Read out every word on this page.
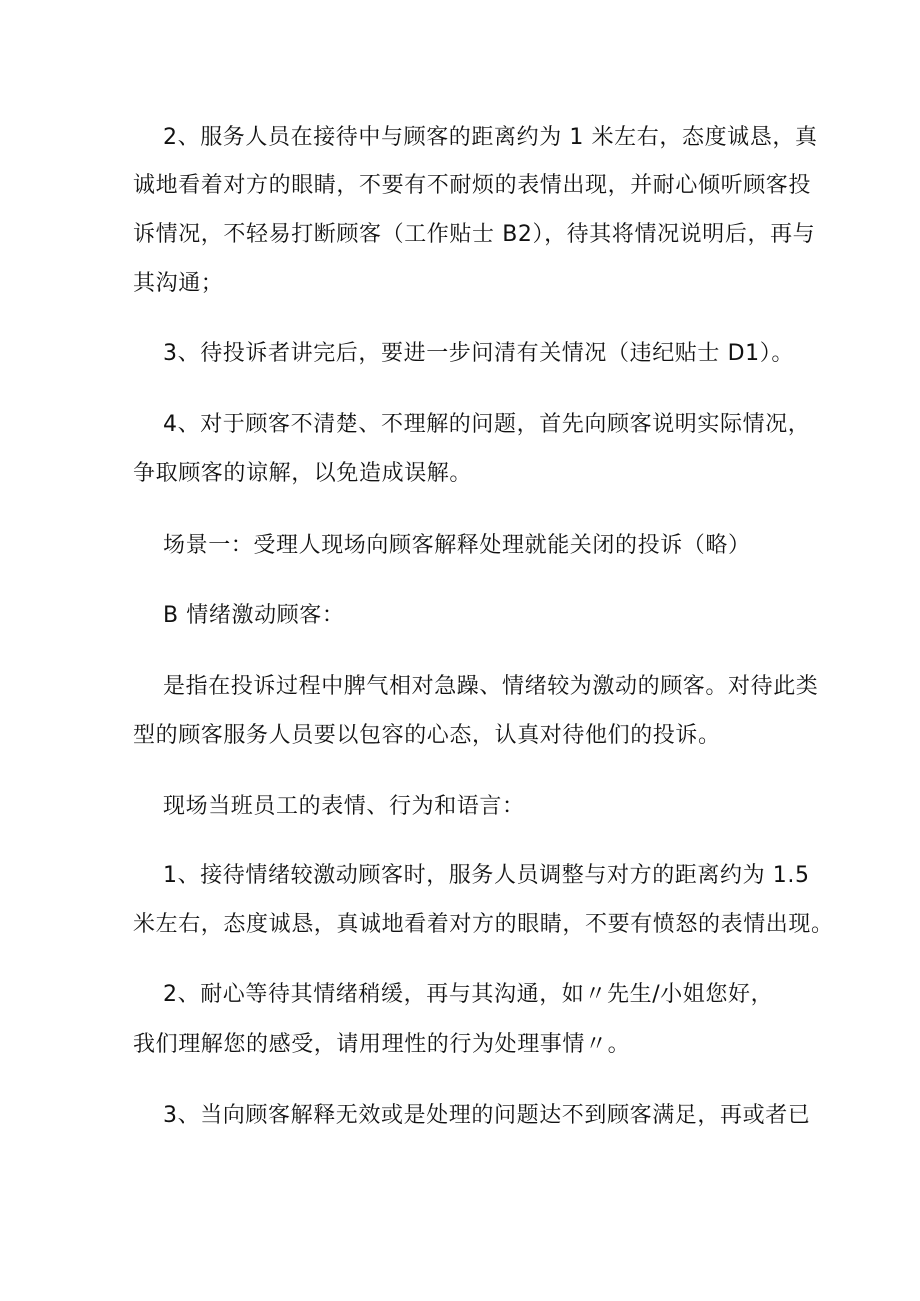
2、服务人员在接待中与顾客的距离约为 1 米左右，态度诚恳，真
诚地看着对方的眼睛，不要有不耐烦的表情出现，并耐心倾听顾客投
诉情况，不轻易打断顾客（工作贴士 B2），待其将情况说明后，再与
其沟通；
3、待投诉者讲完后，要进一步问清有关情况（违纪贴士 D1）。
4、对于顾客不清楚、不理解的问题，首先向顾客说明实际情况，
争取顾客的谅解，以免造成误解。
场景一：受理人现场向顾客解释处理就能关闭的投诉（略）
B 情绪激动顾客：
是指在投诉过程中脾气相对急躁、情绪较为激动的顾客。对待此类
型的顾客服务人员要以包容的心态，认真对待他们的投诉。
现场当班员工的表情、行为和语言：
1、接待情绪较激动顾客时，服务人员调整与对方的距离约为 1.5
米左右，态度诚恳，真诚地看着对方的眼睛，不要有愤怒的表情出现。
2、耐心等待其情绪稍缓，再与其沟通，如〃先生/小姐您好，
我们理解您的感受，请用理性的行为处理事情〃。
3、当向顾客解释无效或是处理的问题达不到顾客满足，再或者已
